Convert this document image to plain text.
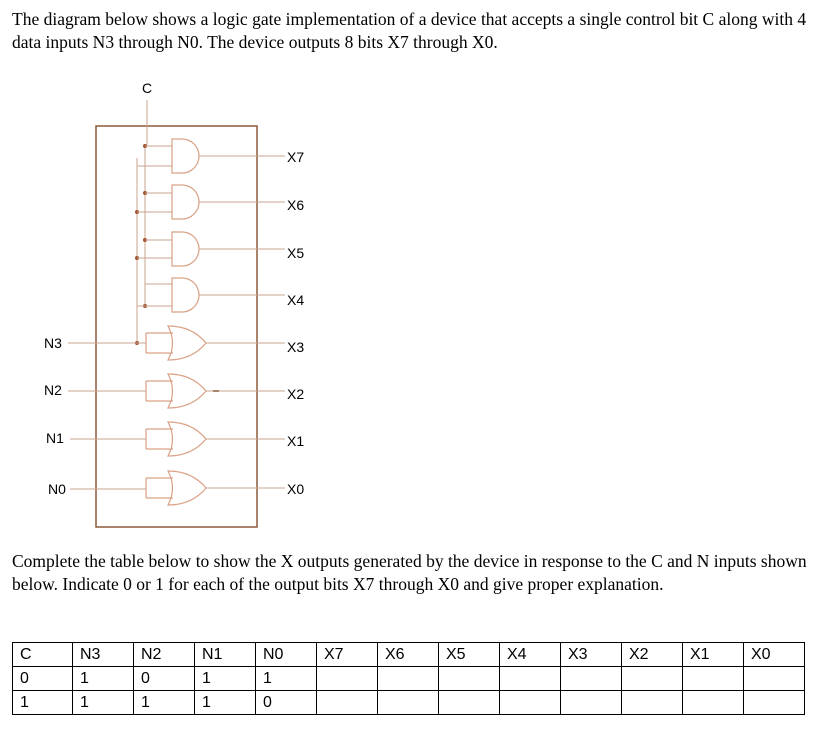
The diagram below shows a logic gate implementation of a device that accepts a single control bit C along with 4 data inputs N3 through N0. The device outputs 8 bits X7 through X0.
C
N3
N2
N1
N0
X7
X6
X5
X4
X3
X2
X1
X0
Complete the table below to show the X outputs generated by the device in response to the C and N inputs shown below. Indicate 0 or 1 for each of the output bits X7 through X0 and give proper explanation.
C	N3	N2	N1	N0	X7	X6	X5	X4	X3	X2	X1	X0
0	1	0	1	1								
1	1	1	1	0								
